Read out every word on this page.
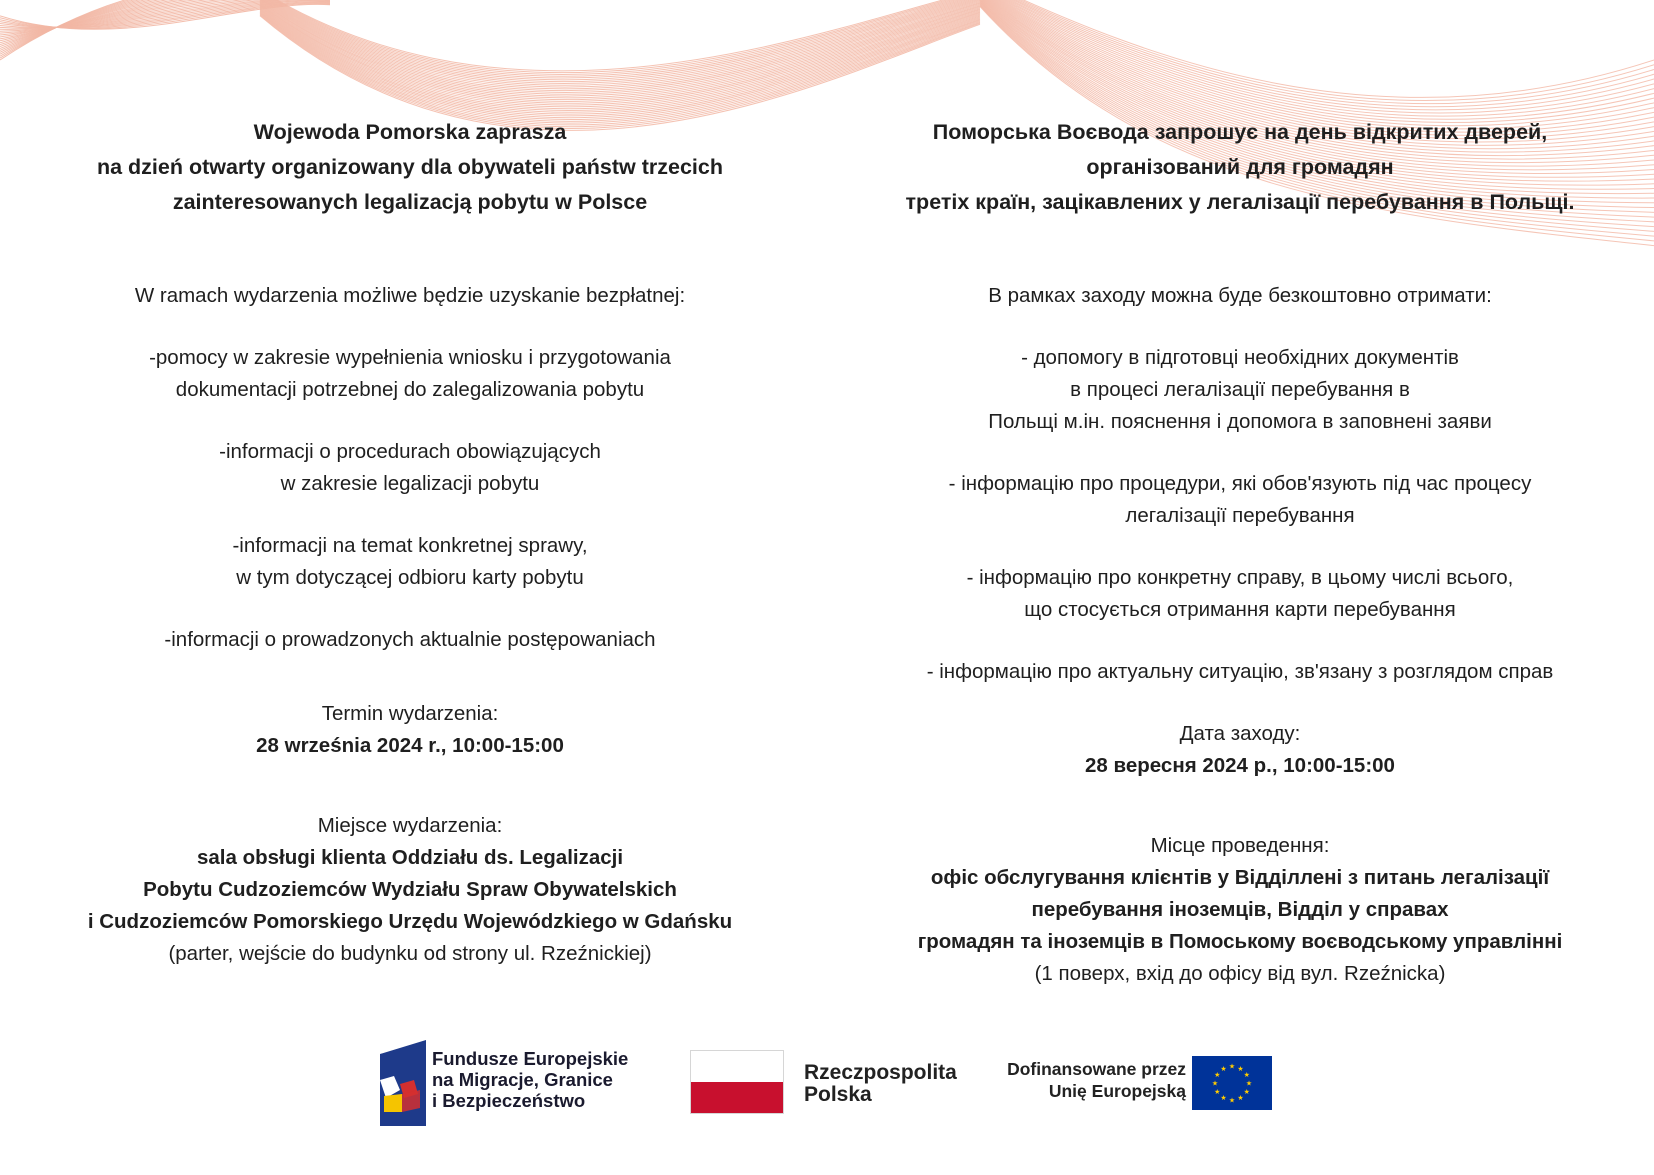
Wojewoda Pomorska zaprasza
na dzień otwarty organizowany dla obywateli państw trzecich
zainteresowanych legalizacją pobytu w Polsce
W ramach wydarzenia możliwe będzie uzyskanie bezpłatnej:
-pomocy w zakresie wypełnienia wniosku i przygotowania
dokumentacji potrzebnej do zalegalizowania pobytu
-informacji o procedurach obowiązujących
w zakresie legalizacji pobytu
-informacji na temat konkretnej sprawy,
w tym dotyczącej odbioru karty pobytu
-informacji o prowadzonych aktualnie postępowaniach
Termin wydarzenia:
28 września 2024 r., 10:00-15:00
Miejsce wydarzenia:
sala obsługi klienta Oddziału ds. Legalizacji
Pobytu Cudzoziemców Wydziału Spraw Obywatelskich
i Cudzoziemców Pomorskiego Urzędu Wojewódzkiego w Gdańsku
(parter, wejście do budynku od strony ul. Rzeźnickiej)
Поморська Воєвода запрошує на день відкритих дверей,
організований для громадян
третіх країн, зацікавлених у легалізації перебування в Польщі.
В рамках заходу можна буде безкоштовно отримати:
- допомогу в підготовці необхідних документів
в процесі легалізації перебування в
Польщі м.ін. пояснення і допомога в заповнені заяви
- інформацію про процедури, які обов'язують під час процесу
легалізації перебування
- інформацію про конкретну справу, в цьому числі всього,
що стосується отримання карти перебування
- інформацію про актуальну ситуацію, зв'язану з розглядом справ
Дата заходу:
28 вересня 2024 р., 10:00-15:00
Місце проведення:
офіс обслугування клієнтів у Відділлені з питань легалізації
перебування іноземців, Відділ у справах
громадян та іноземців в Помоському воєводському управлінні
(1 поверх, вхід до офісу від вул. Rzeźnicka)
Fundusze Europejskie
na Migracje, Granice
i Bezpieczeństwo
Rzeczpospolita
Polska
Dofinansowane przez
Unię Europejską
★ ★
★
★
★
★
★
★
★
★
★
★
